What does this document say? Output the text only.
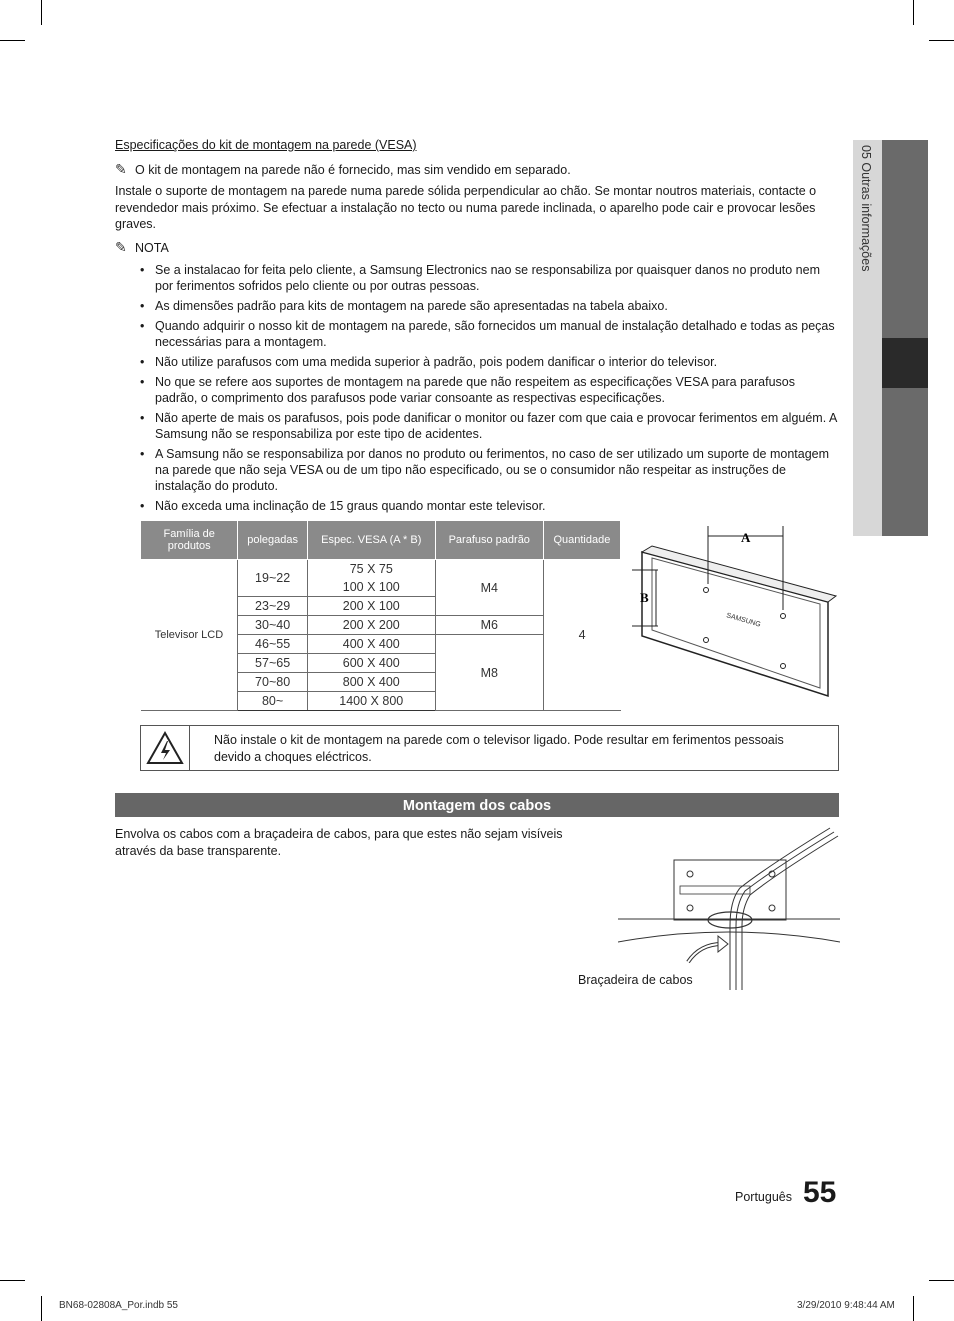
05 Outras informações
Especificações do kit de montagem na parede (VESA)
✎ O kit de montagem na parede não é fornecido, mas sim vendido em separado.
Instale o suporte de montagem na parede numa parede sólida perpendicular ao chão. Se montar noutros materiais, contacte o revendedor mais próximo. Se efectuar a instalação no tecto ou numa parede inclinada, o aparelho pode cair e provocar lesões graves.
✎ NOTA
• Se a instalacao for feita pelo cliente, a Samsung Electronics nao se responsabiliza por quaisquer danos no produto nem por ferimentos sofridos pelo cliente ou por outras pessoas.
• As dimensões padrão para kits de montagem na parede são apresentadas na tabela abaixo.
• Quando adquirir o nosso kit de montagem na parede, são fornecidos um manual de instalação detalhado e todas as peças necessárias para a montagem.
• Não utilize parafusos com uma medida superior à padrão, pois podem danificar o interior do televisor.
• No que se refere aos suportes de montagem na parede que não respeitem as especificações VESA para parafusos padrão, o comprimento dos parafusos pode variar consoante as respectivas especificações.
• Não aperte de mais os parafusos, pois pode danificar o monitor ou fazer com que caia e provocar ferimentos em alguém. A Samsung não se responsabiliza por este tipo de acidentes.
• A Samsung não se responsabiliza por danos no produto ou ferimentos, no caso de ser utilizado um suporte de montagem na parede que não seja VESA ou de um tipo não especificado, ou se o consumidor não respeitar as instruções de instalação do produto.
• Não exceda uma inclinação de 15 graus quando montar este televisor.
Família de produtos	polegadas	Espec. VESA (A * B)	Parafuso padrão	Quantidade
Televisor LCD	19~22	75 X 75	M4	4
		100 X 100		
	23~29	200 X 100		
	30~40	200 X 200	M6	
	46~55	400 X 400	M8	
	57~65	600 X 400		
	70~80	800 X 400		
	80~	1400 X 800		
SAMSUNG
A
B
Não instale o kit de montagem na parede com o televisor ligado. Pode resultar em ferimentos pessoais devido a choques eléctricos.
Montagem dos cabos
Envolva os cabos com a braçadeira de cabos, para que estes não sejam visíveis através da base transparente.
Braçadeira de cabos
Português 55
BN68-02808A_Por.indb 55	3/29/2010 9:48:44 AM
